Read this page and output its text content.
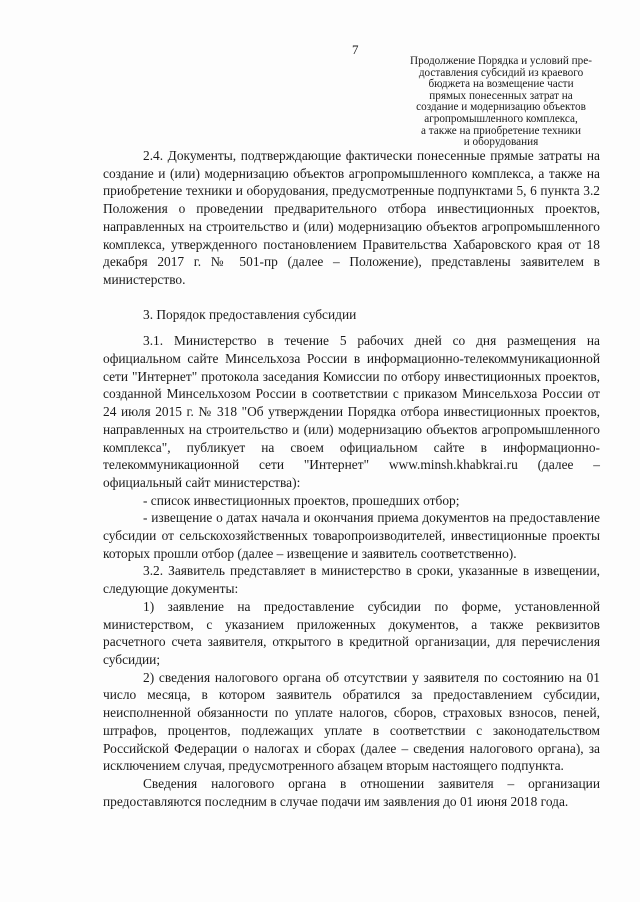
7
Продолжение Порядка и условий пре-
доставления субсидий из краевого
бюджета на возмещение части
прямых понесенных затрат на
создание и модернизацию объектов
агропромышленного комплекса,
а также на приобретение техники
и оборудования

2.4. Документы, подтверждающие фактически понесенные прямые затраты на создание и (или) модернизацию объектов агропромышленного комплекса, а также на приобретение техники и оборудования, предусмотренные подпунктами 5, 6 пункта 3.2 Положения о проведении предварительного отбора инвестиционных проектов, направленных на строительство и (или) модернизацию объектов агропромышленного комплекса, утвержденного постановлением Правительства Хабаровского края от 18 декабря 2017 г. № 501-пр (далее – Положение), представлены заявителем в министерство.

3. Порядок предоставления субсидии

3.1. Министерство в течение 5 рабочих дней со дня размещения на официальном сайте Минсельхоза России в информационно-телекоммуникационной сети "Интернет" протокола заседания Комиссии по отбору инвестиционных проектов, созданной Минсельхозом России в соответствии с приказом Минсельхоза России от 24 июля 2015 г. № 318 "Об утверждении Порядка отбора инвестиционных проектов, направленных на строительство и (или) модернизацию объектов агропромышленного комплекса", публикует на своем официальном сайте в информационно-телекоммуникационной сети "Интернет" www.minsh.khabkrai.ru (далее – официальный сайт министерства):

- список инвестиционных проектов, прошедших отбор;

- извещение о датах начала и окончания приема документов на предоставление субсидии от сельскохозяйственных товаропроизводителей, инвестиционные проекты которых прошли отбор (далее – извещение и заявитель соответственно).

3.2. Заявитель представляет в министерство в сроки, указанные в извещении, следующие документы:

1) заявление на предоставление субсидии по форме, установленной министерством, с указанием приложенных документов, а также реквизитов расчетного счета заявителя, открытого в кредитной организации, для перечисления субсидии;

2) сведения налогового органа об отсутствии у заявителя по состоянию на 01 число месяца, в котором заявитель обратился за предоставлением субсидии, неисполненной обязанности по уплате налогов, сборов, страховых взносов, пеней, штрафов, процентов, подлежащих уплате в соответствии с законодательством Российской Федерации о налогах и сборах (далее – сведения налогового органа), за исключением случая, предусмотренного абзацем вторым настоящего подпункта.

Сведения налогового органа в отношении заявителя – организации предоставляются последним в случае подачи им заявления до 01 июня 2018 года.
